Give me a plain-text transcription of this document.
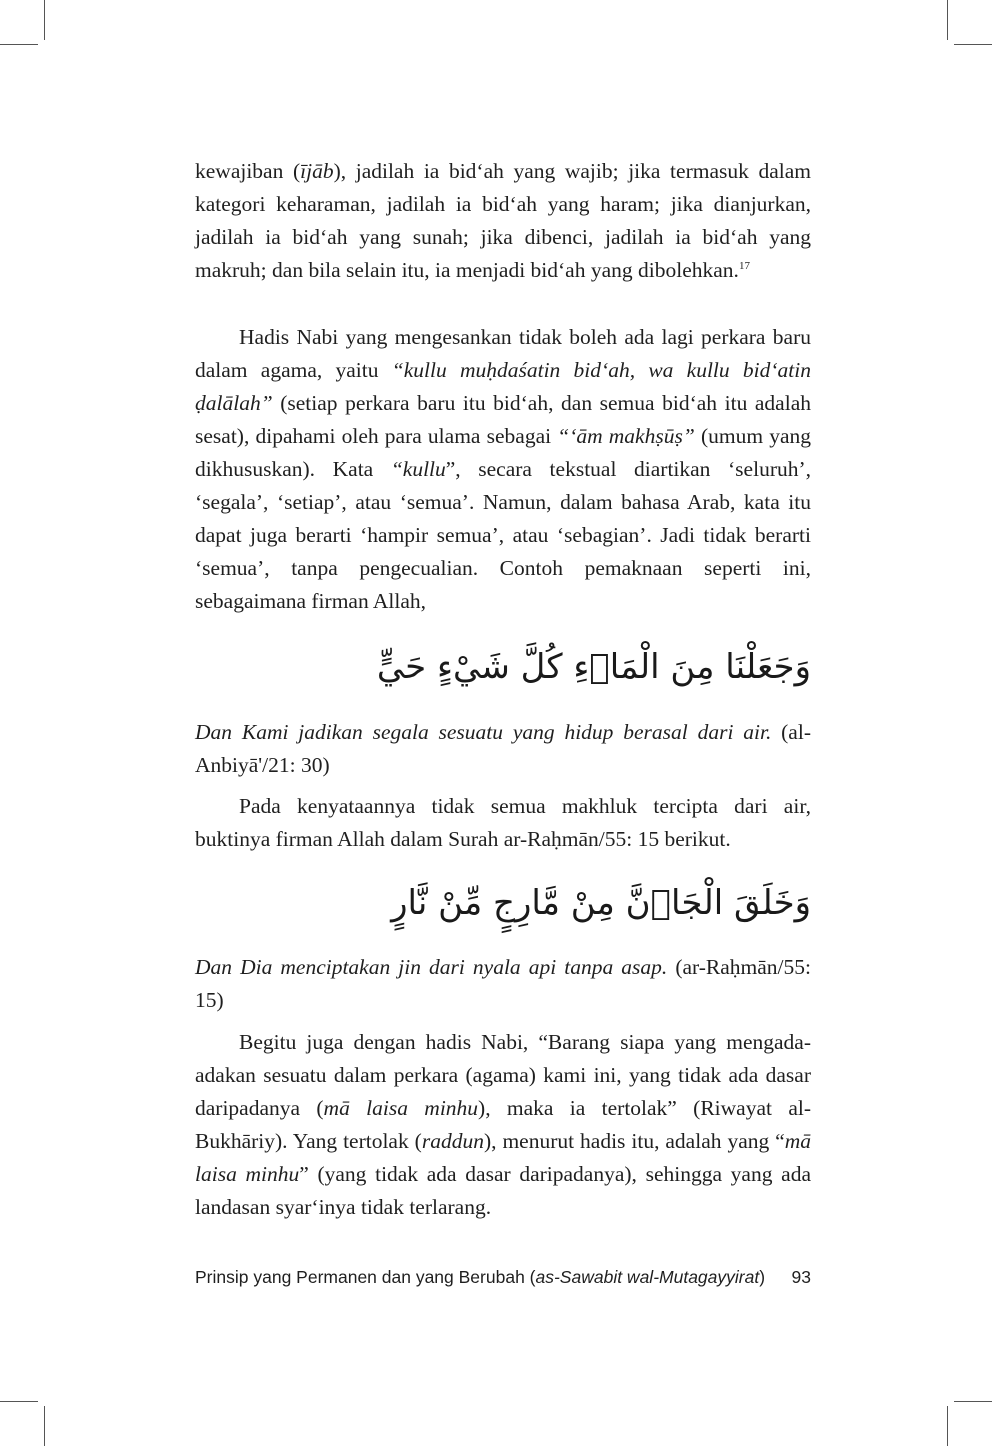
kewajiban (ījāb), jadilah ia bid‘ah yang wajib; jika termasuk dalam kategori keharaman, jadilah ia bid‘ah yang haram; jika dianjurkan, jadilah ia bid‘ah yang sunah; jika dibenci, jadilah ia bid‘ah yang makruh; dan bila selain itu, ia menjadi bid‘ah yang dibolehkan.$^{17}$

Hadis Nabi yang mengesankan tidak boleh ada lagi perkara baru dalam agama, yaitu “kullu muḥdaśatin bid‘ah, wa kullu bid‘atin ḍalālah” (setiap perkara baru itu bid‘ah, dan semua bid‘ah itu adalah sesat), dipahami oleh para ulama sebagai “‘ām makhṣūṣ” (umum yang dikhususkan). Kata “kullu”, secara tekstual diartikan ‘seluruh’, ‘segala’, ‘setiap’, atau ‘semua’. Namun, dalam bahasa Arab, kata itu dapat juga berarti ‘hampir semua’, atau ‘sebagian’. Jadi tidak berarti ‘semua’, tanpa pengecualian. Contoh pemaknaan seperti ini, sebagaimana firman Allah,

وَجَعَلْنَا مِنَ الْمَاۤءِ كُلَّ شَيْءٍ حَيٍّ

Dan Kami jadikan segala sesuatu yang hidup berasal dari air. (al-Anbiyā'/21: 30)

Pada kenyataannya tidak semua makhluk tercipta dari air, buktinya firman Allah dalam Surah ar-Raḥmān/55: 15 berikut.

وَخَلَقَ الْجَاۤنَّ مِنْ مَّارِجٍ مِّنْ نَّارٍ

Dan Dia menciptakan jin dari nyala api tanpa asap. (ar-Raḥmān/55: 15)

Begitu juga dengan hadis Nabi, “Barang siapa yang mengada-adakan sesuatu dalam perkara (agama) kami ini, yang tidak ada dasar daripadanya (mā laisa minhu), maka ia tertolak” (Riwayat al-Bukhāriy). Yang tertolak (raddun), menurut hadis itu, adalah yang “mā laisa minhu” (yang tidak ada dasar daripadanya), sehingga yang ada landasan syar‘inya tidak terlarang.

Prinsip yang Permanen dan yang Berubah (as-Sawabit wal-Mutagayyirat) 93
